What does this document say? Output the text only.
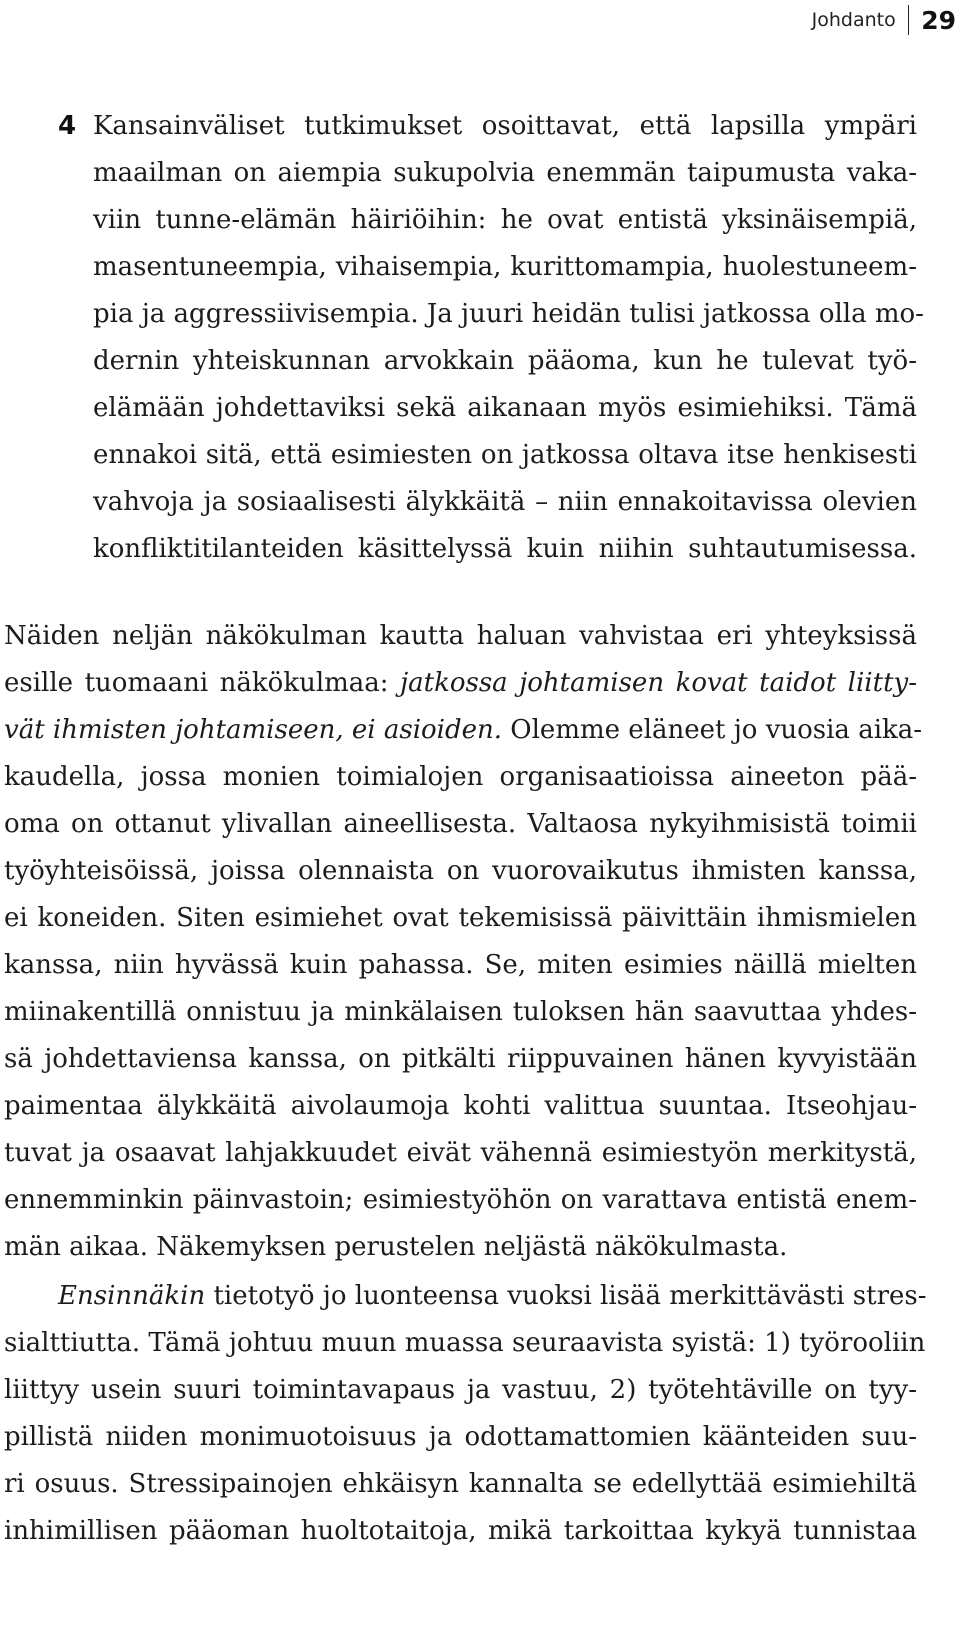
Johdanto	29
4 Kansainväliset tutkimukset osoittavat, että lapsilla ympäri
maailman on aiempia sukupolvia enemmän taipumusta vaka-
viin tunne-elämän häiriöihin: he ovat entistä yksinäisempiä,
masentuneempia, vihaisempia, kurittomampia, huolestuneem-
pia ja aggressiivisempia. Ja juuri heidän tulisi jatkossa olla mo-
dernin yhteiskunnan arvokkain pääoma, kun he tulevat työ-
elämään johdettaviksi sekä aikanaan myös esimiehiksi. Tämä
ennakoi sitä, että esimiesten on jatkossa oltava itse henkisesti
vahvoja ja sosiaalisesti älykkäitä – niin ennakoitavissa olevien
konfliktitilanteiden käsittelyssä kuin niihin suhtautumisessa.
Näiden neljän näkökulman kautta haluan vahvistaa eri yhteyksissä
esille tuomaani näkökulmaa: jatkossa johtamisen kovat taidot liitty-
vät ihmisten johtamiseen, ei asioiden. Olemme eläneet jo vuosia aika-
kaudella, jossa monien toimialojen organisaatioissa aineeton pää-
oma on ottanut ylivallan aineellisesta. Valtaosa nykyihmisistä toimii
työyhteisöissä, joissa olennaista on vuorovaikutus ihmisten kanssa,
ei koneiden. Siten esimiehet ovat tekemisissä päivittäin ihmismielen
kanssa, niin hyvässä kuin pahassa. Se, miten esimies näillä mielten
miinakentillä onnistuu ja minkälaisen tuloksen hän saavuttaa yhdes-
sä johdettaviensa kanssa, on pitkälti riippuvainen hänen kyvyistään
paimentaa älykkäitä aivolaumoja kohti valittua suuntaa. Itseohjau-
tuvat ja osaavat lahjakkuudet eivät vähennä esimiestyön merkitystä,
ennemminkin päinvastoin; esimiestyöhön on varattava entistä enem-
män aikaa. Näkemyksen perustelen neljästä näkökulmasta.
Ensinnäkin tietotyö jo luonteensa vuoksi lisää merkittävästi stres-
sialttiutta. Tämä johtuu muun muassa seuraavista syistä: 1) työrooliin
liittyy usein suuri toimintavapaus ja vastuu, 2) työtehtäville on tyy-
pillistä niiden monimuotoisuus ja odottamattomien käänteiden suu-
ri osuus. Stressipainojen ehkäisyn kannalta se edellyttää esimiehiltä
inhimillisen pääoman huoltotaitoja, mikä tarkoittaa kykyä tunnistaa
